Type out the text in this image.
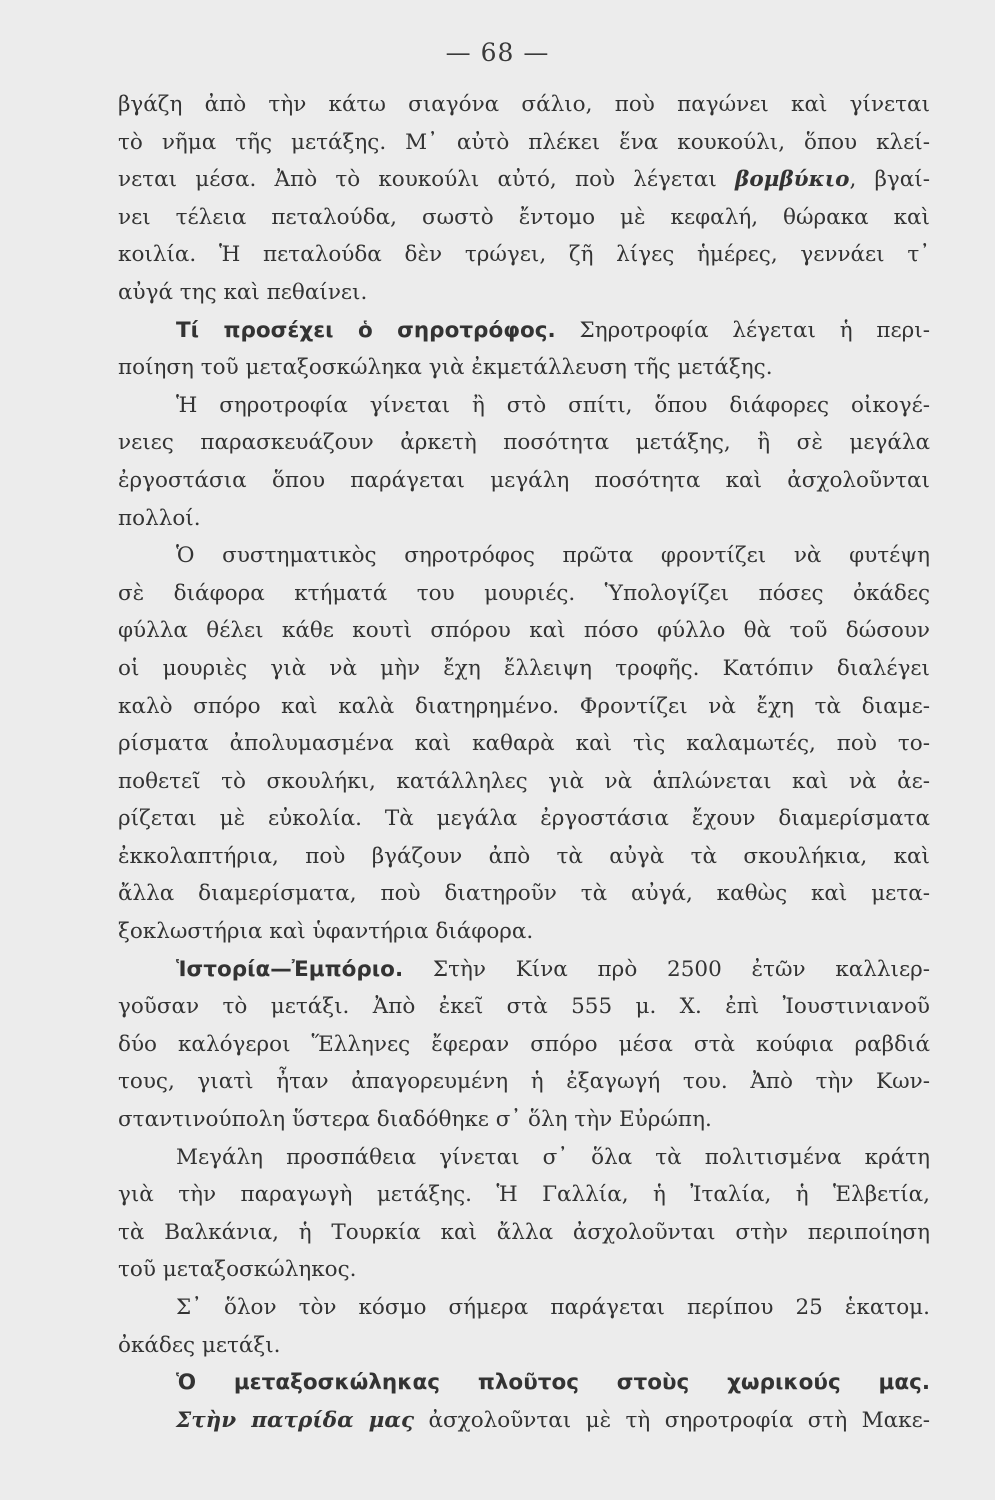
— 68 —
βγάζη ἀπὸ τὴν κάτω σιαγόνα σάλιο, ποὺ παγώνει καὶ γίνεται
τὸ νῆμα τῆς μετάξης. Μ᾿ αὐτὸ πλέκει ἕνα κουκούλι, ὅπου κλεί-
νεται μέσα. Ἀπὸ τὸ κουκούλι αὐτό, ποὺ λέγεται βομβύκιο, βγαί-
νει τέλεια πεταλούδα, σωστὸ ἔντομο μὲ κεφαλή, θώρακα καὶ
κοιλία. Ἡ πεταλούδα δὲν τρώγει, ζῆ λίγες ἡμέρες, γεννάει τ᾿
αὐγά της καὶ πεθαίνει.
Τί προσέχει ὁ σηροτρόφος. Σηροτροφία λέγεται ἡ περι-
ποίηση τοῦ μεταξοσκώληκα γιὰ ἐκμετάλλευση τῆς μετάξης.
Ἡ σηροτροφία γίνεται ἢ στὸ σπίτι, ὅπου διάφορες οἰκογέ-
νειες παρασκευάζουν ἀρκετὴ ποσότητα μετάξης, ἢ σὲ μεγάλα
ἐργοστάσια ὅπου παράγεται μεγάλη ποσότητα καὶ ἀσχολοῦνται
πολλοί.
Ὁ συστηματικὸς σηροτρόφος πρῶτα φροντίζει νὰ φυτέψη
σὲ διάφορα κτήματά του μουριές. Ὑπολογίζει πόσες ὀκάδες
φύλλα θέλει κάθε κουτὶ σπόρου καὶ πόσο φύλλο θὰ τοῦ δώσουν
οἱ μουριὲς γιὰ νὰ μὴν ἔχη ἔλλειψη τροφῆς. Κατόπιν διαλέγει
καλὸ σπόρο καὶ καλὰ διατηρημένο. Φροντίζει νὰ ἔχη τὰ διαμε-
ρίσματα ἀπολυμασμένα καὶ καθαρὰ καὶ τὶς καλαμωτές, ποὺ το-
ποθετεῖ τὸ σκουλήκι, κατάλληλες γιὰ νὰ ἁπλώνεται καὶ νὰ ἀε-
ρίζεται μὲ εὐκολία. Τὰ μεγάλα ἐργοστάσια ἔχουν διαμερίσματα
ἐκκολαπτήρια, ποὺ βγάζουν ἀπὸ τὰ αὐγὰ τὰ σκουλήκια, καὶ
ἄλλα διαμερίσματα, ποὺ διατηροῦν τὰ αὐγά, καθὼς καὶ μετα-
ξοκλωστήρια καὶ ὑφαντήρια διάφορα.
Ἱστορία—Ἐμπόριο. Στὴν Κίνα πρὸ 2500 ἐτῶν καλλιερ-
γοῦσαν τὸ μετάξι. Ἀπὸ ἐκεῖ στὰ 555 μ. Χ. ἐπὶ Ἰουστινιανοῦ
δύο καλόγεροι Ἕλληνες ἔφεραν σπόρο μέσα στὰ κούφια ραβδιά
τους, γιατὶ ἦταν ἀπαγορευμένη ἡ ἐξαγωγή του. Ἀπὸ τὴν Κων-
σταντινούπολη ὕστερα διαδόθηκε σ᾿ ὅλη τὴν Εὐρώπη.
Μεγάλη προσπάθεια γίνεται σ᾿ ὅλα τὰ πολιτισμένα κράτη
γιὰ τὴν παραγωγὴ μετάξης. Ἡ Γαλλία, ἡ Ἰταλία, ἡ Ἑλβετία,
τὰ Βαλκάνια, ἡ Τουρκία καὶ ἄλλα ἀσχολοῦνται στὴν περιποίηση
τοῦ μεταξοσκώληκος.
Σ᾿ ὅλον τὸν κόσμο σήμερα παράγεται περίπου 25 ἑκατομ.
ὀκάδες μετάξι.
Ὁ μεταξοσκώληκας πλοῦτος στοὺς χωρικούς μας.
Στὴν πατρίδα μας ἀσχολοῦνται μὲ τὴ σηροτροφία στὴ Μακε-
